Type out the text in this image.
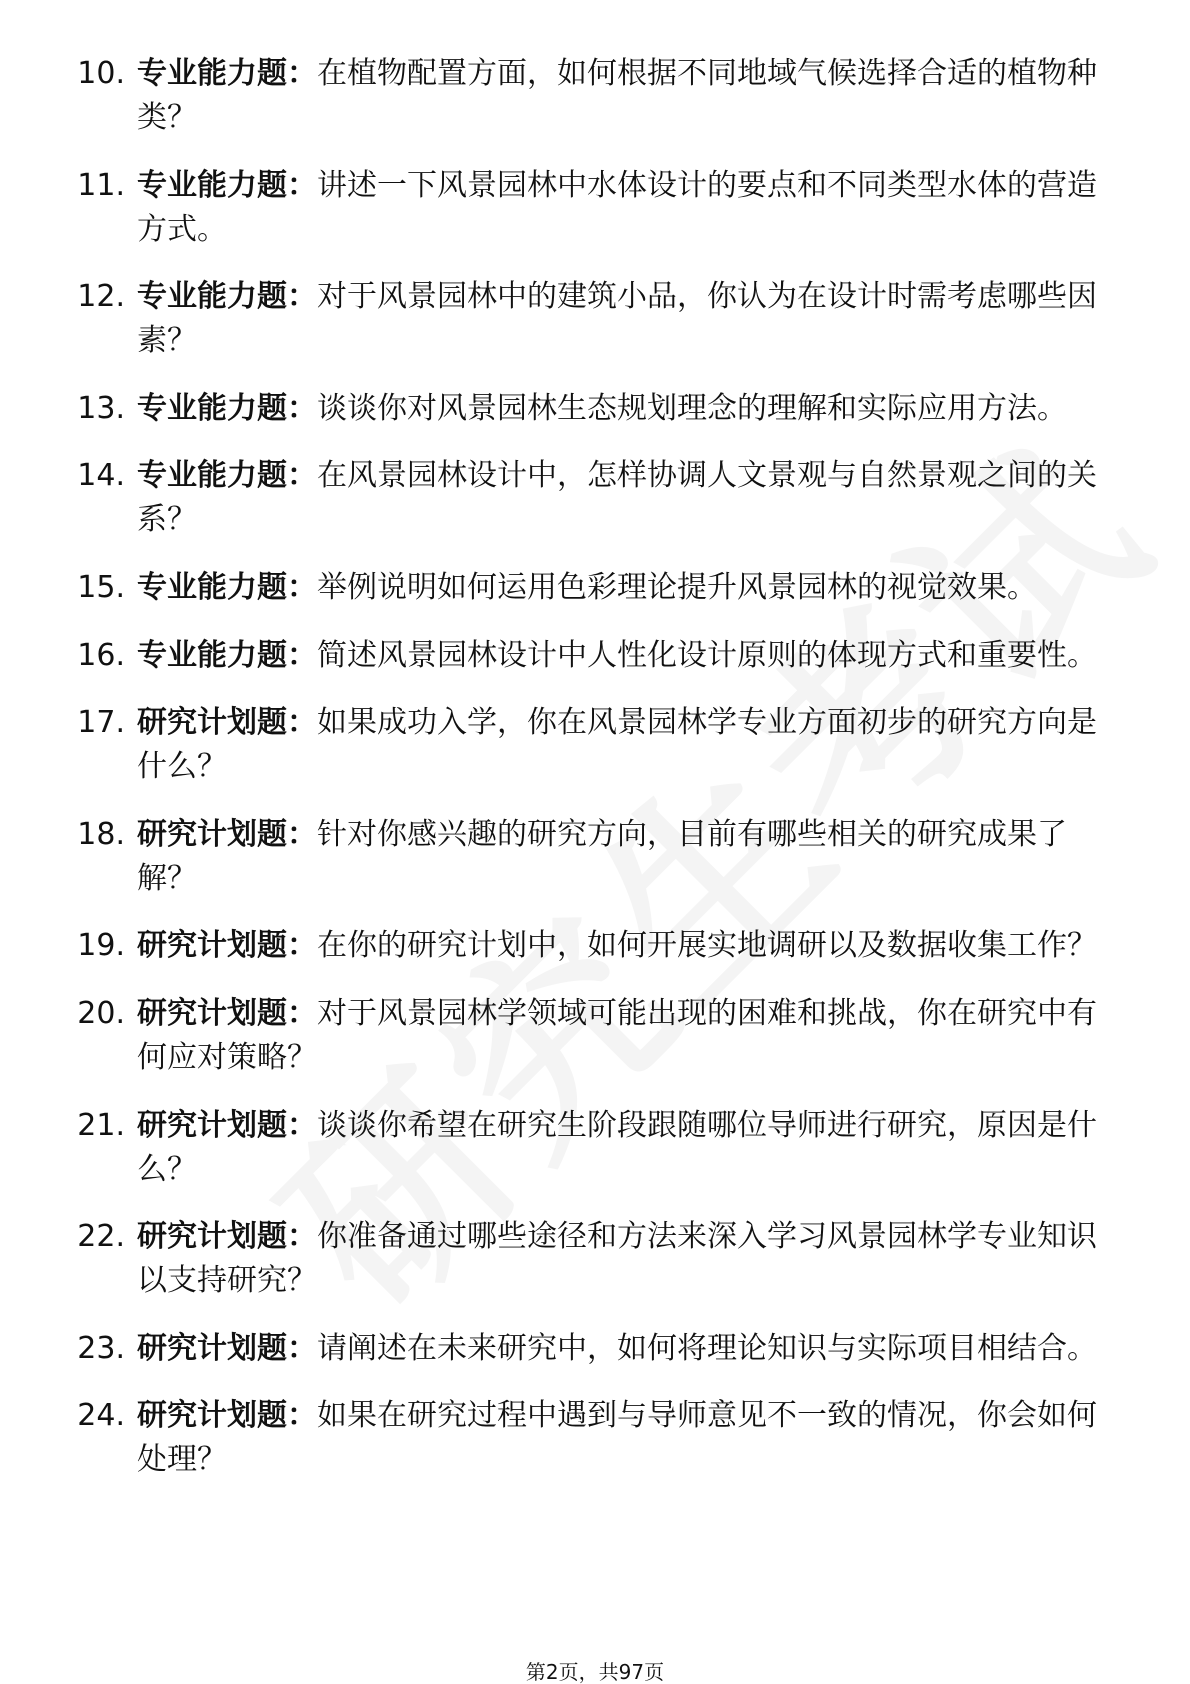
10. 专业能力题：在植物配置方面，如何根据不同地域气候选择合适的植物种类？
11. 专业能力题：讲述一下风景园林中水体设计的要点和不同类型水体的营造方式。
12. 专业能力题：对于风景园林中的建筑小品，你认为在设计时需考虑哪些因素？
13. 专业能力题：谈谈你对风景园林生态规划理念的理解和实际应用方法。
14. 专业能力题：在风景园林设计中，怎样协调人文景观与自然景观之间的关系？
15. 专业能力题：举例说明如何运用色彩理论提升风景园林的视觉效果。
16. 专业能力题：简述风景园林设计中人性化设计原则的体现方式和重要性。
17. 研究计划题：如果成功入学，你在风景园林学专业方面初步的研究方向是什么？
18. 研究计划题：针对你感兴趣的研究方向，目前有哪些相关的研究成果了解？
19. 研究计划题：在你的研究计划中，如何开展实地调研以及数据收集工作？
20. 研究计划题：对于风景园林学领域可能出现的困难和挑战，你在研究中有何应对策略？
21. 研究计划题：谈谈你希望在研究生阶段跟随哪位导师进行研究，原因是什么？
22. 研究计划题：你准备通过哪些途径和方法来深入学习风景园林学专业知识以支持研究？
23. 研究计划题：请阐述在未来研究中，如何将理论知识与实际项目相结合。
24. 研究计划题：如果在研究过程中遇到与导师意见不一致的情况，你会如何处理？
第2页，共97页
